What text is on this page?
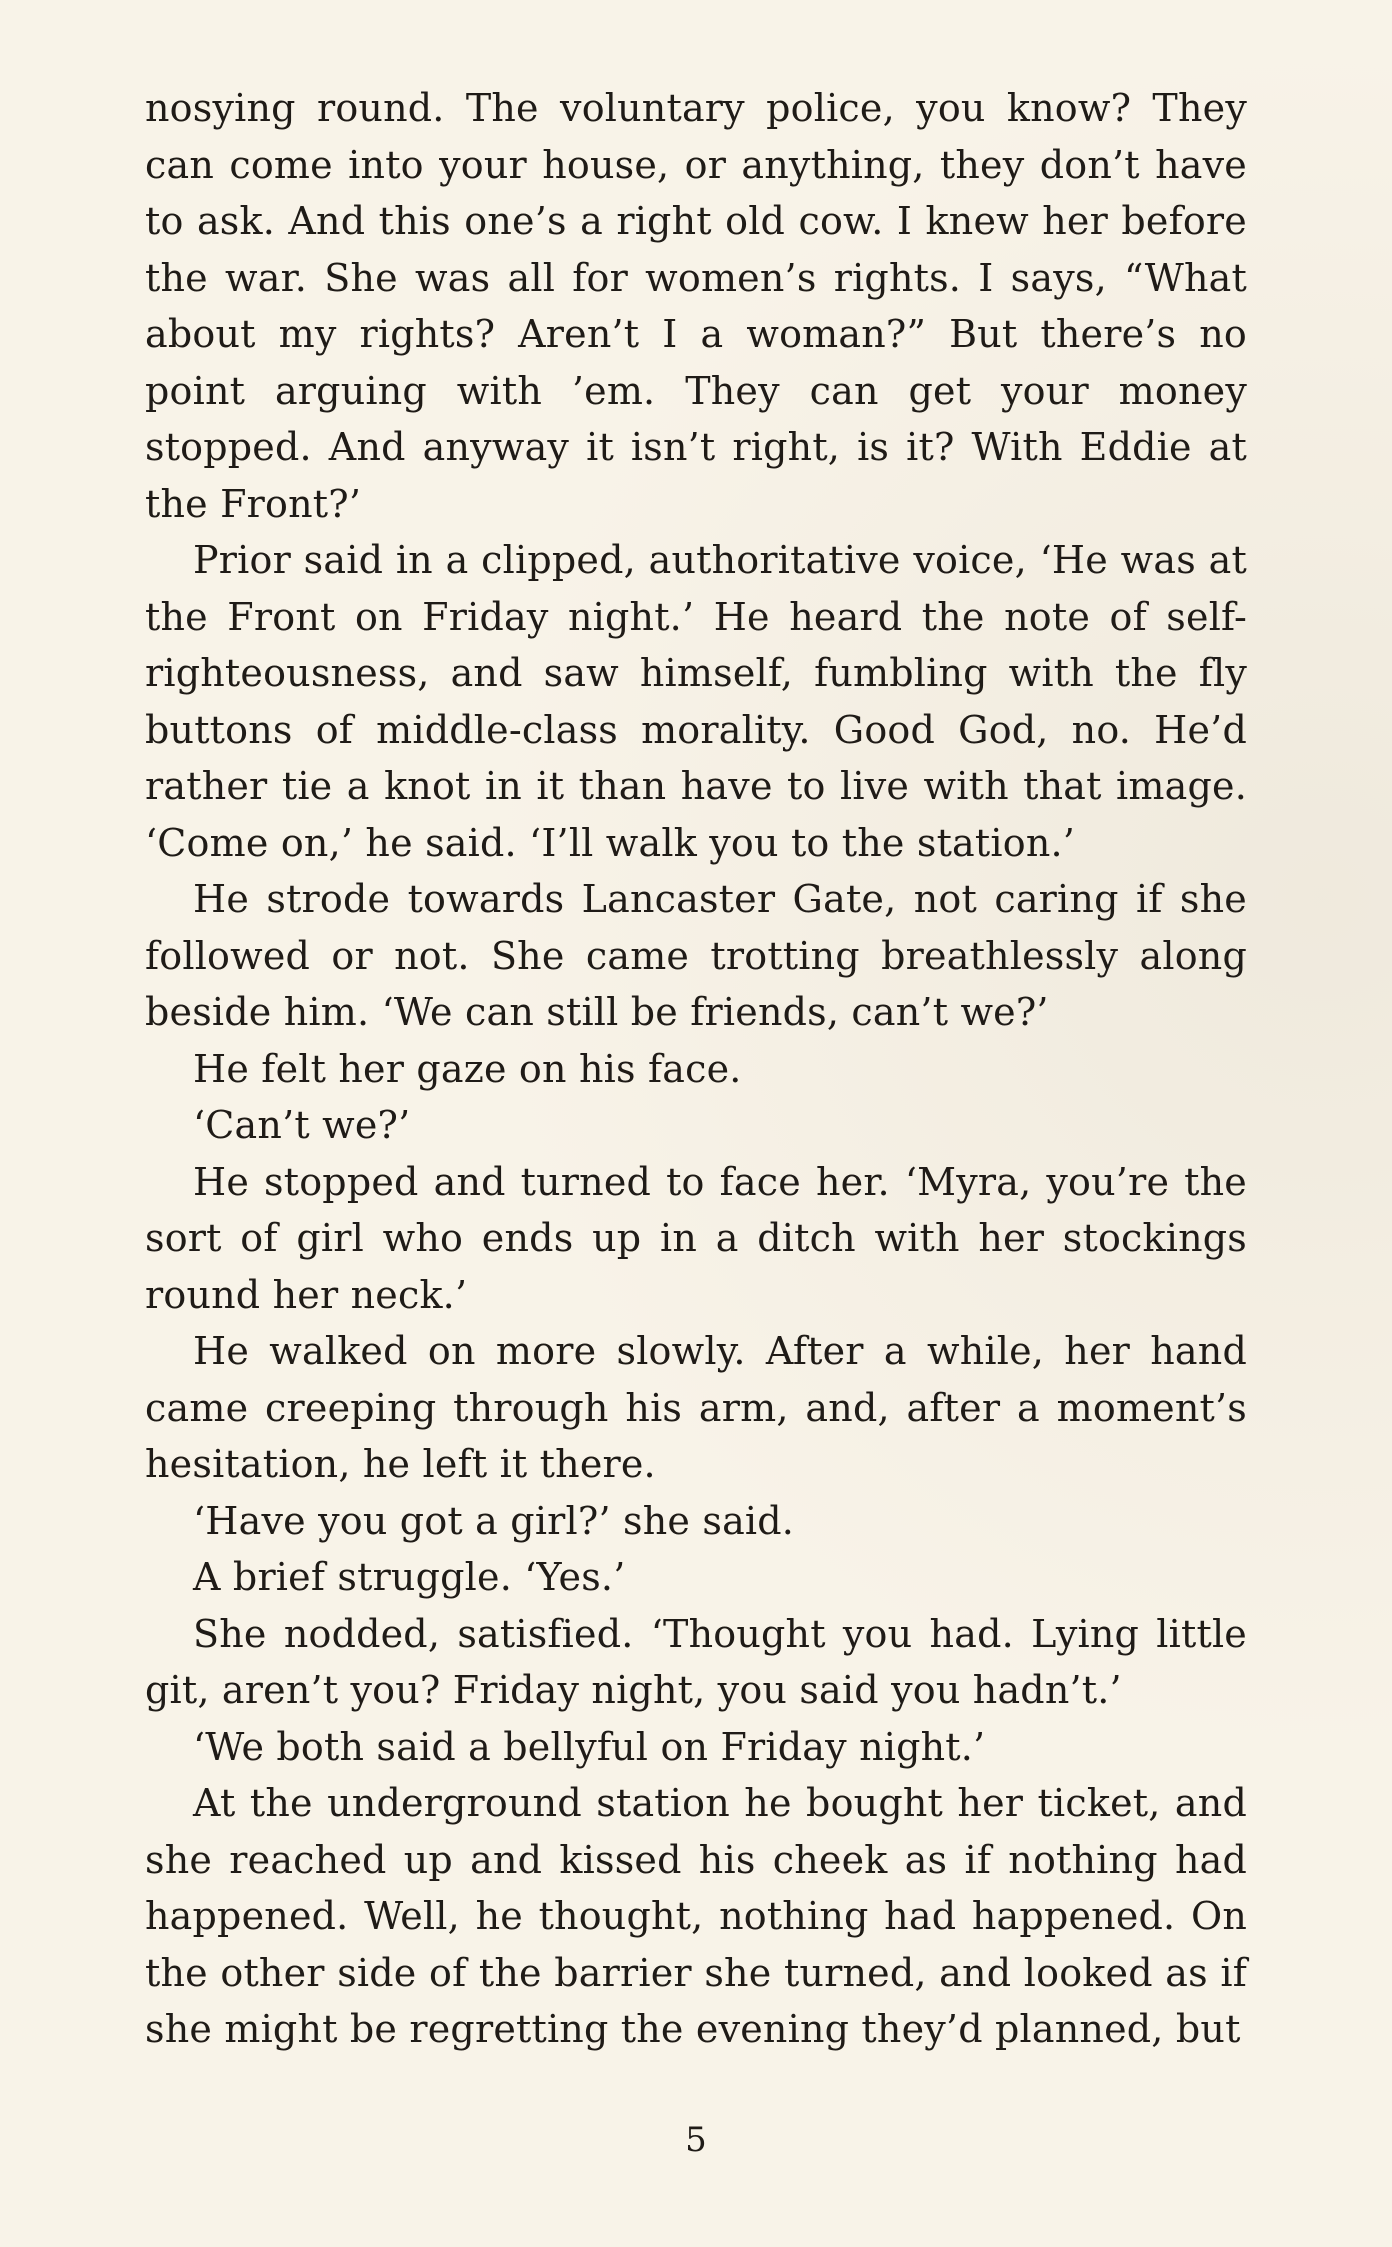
nosying round. The voluntary police, you know? They can come into your house, or anything, they don’t have to ask. And this one’s a right old cow. I knew her before the war. She was all for women’s rights. I says, “What about my rights? Aren’t I a woman?” But there’s no point arguing with ’em. They can get your money stopped. And anyway it isn’t right, is it? With Eddie at the Front?’

Prior said in a clipped, authoritative voice, ‘He was at the Front on Friday night.’ He heard the note of self-righteousness, and saw himself, fumbling with the fly buttons of middle-class morality. Good God, no. He’d rather tie a knot in it than have to live with that image. ‘Come on,’ he said. ‘I’ll walk you to the station.’

He strode towards Lancaster Gate, not caring if she followed or not. She came trotting breathlessly along beside him. ‘We can still be friends, can’t we?’

He felt her gaze on his face.

‘Can’t we?’

He stopped and turned to face her. ‘Myra, you’re the sort of girl who ends up in a ditch with her stockings round her neck.’

He walked on more slowly. After a while, her hand came creeping through his arm, and, after a moment’s hesitation, he left it there.

‘Have you got a girl?’ she said.

A brief struggle. ‘Yes.’

She nodded, satisfied. ‘Thought you had. Lying little git, aren’t you? Friday night, you said you hadn’t.’

‘We both said a bellyful on Friday night.’

At the underground station he bought her ticket, and she reached up and kissed his cheek as if nothing had happened. Well, he thought, nothing had happened. On the other side of the barrier she turned, and looked as if she might be regretting the evening they’d planned, but

5
